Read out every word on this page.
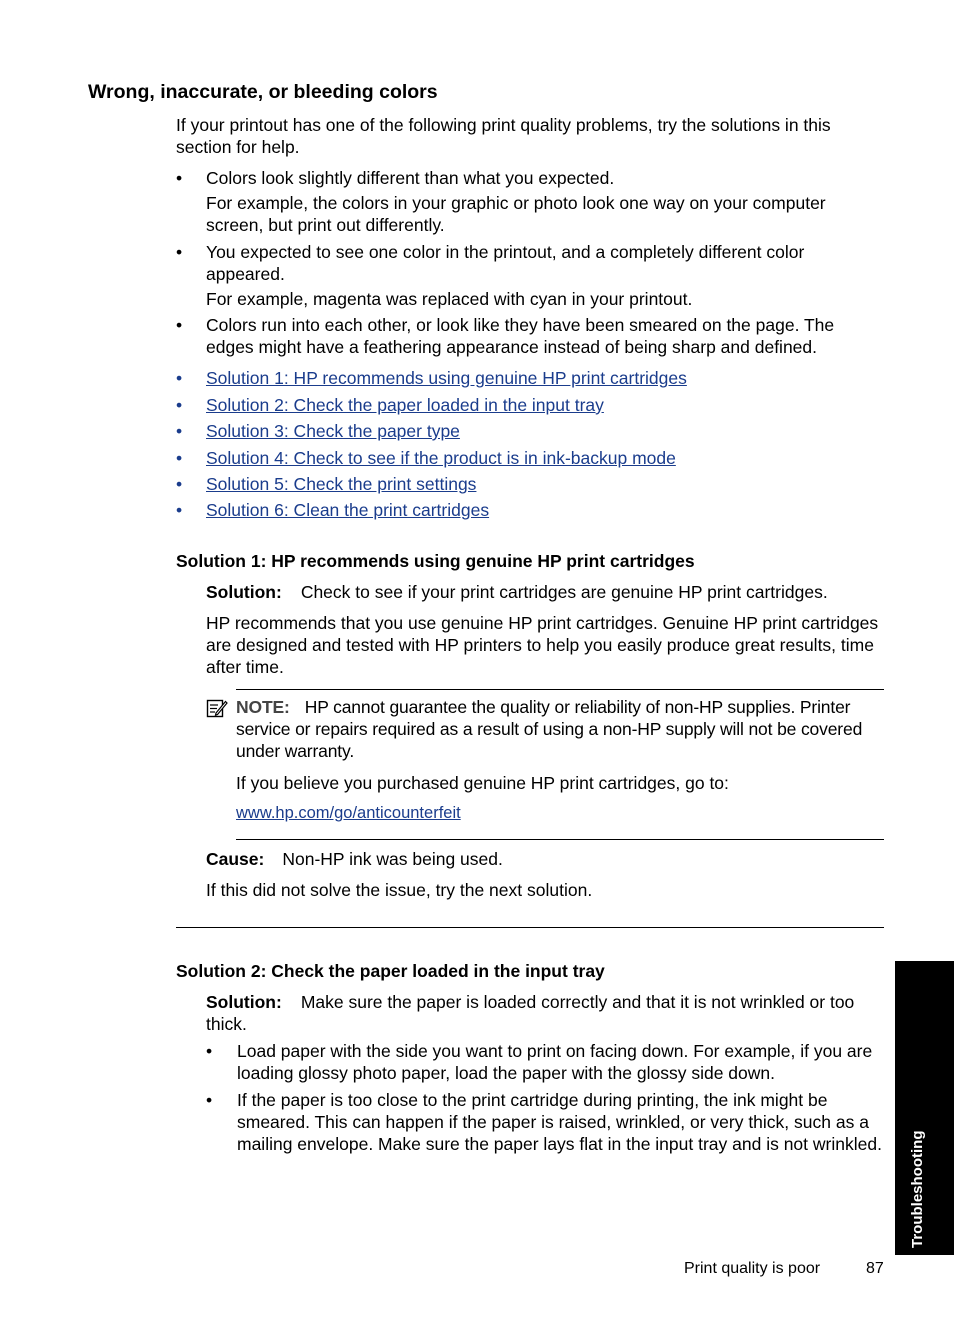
Wrong, inaccurate, or bleeding colors
If your printout has one of the following print quality problems, try the solutions in this section for help.
• Colors look slightly different than what you expected.
For example, the colors in your graphic or photo look one way on your computer screen, but print out differently.
• You expected to see one color in the printout, and a completely different color appeared.
For example, magenta was replaced with cyan in your printout.
• Colors run into each other, or look like they have been smeared on the page. The edges might have a feathering appearance instead of being sharp and defined.
• Solution 1: HP recommends using genuine HP print cartridges
• Solution 2: Check the paper loaded in the input tray
• Solution 3: Check the paper type
• Solution 4: Check to see if the product is in ink-backup mode
• Solution 5: Check the print settings
• Solution 6: Clean the print cartridges
Solution 1: HP recommends using genuine HP print cartridges
Solution: Check to see if your print cartridges are genuine HP print cartridges.
HP recommends that you use genuine HP print cartridges. Genuine HP print cartridges are designed and tested with HP printers to help you easily produce great results, time after time.
NOTE: HP cannot guarantee the quality or reliability of non-HP supplies. Printer service or repairs required as a result of using a non-HP supply will not be covered under warranty.
If you believe you purchased genuine HP print cartridges, go to:
www.hp.com/go/anticounterfeit
Cause: Non-HP ink was being used.
If this did not solve the issue, try the next solution.
Solution 2: Check the paper loaded in the input tray
Solution: Make sure the paper is loaded correctly and that it is not wrinkled or too thick.
• Load paper with the side you want to print on facing down. For example, if you are loading glossy photo paper, load the paper with the glossy side down.
• If the paper is too close to the print cartridge during printing, the ink might be smeared. This can happen if the paper is raised, wrinkled, or very thick, such as a mailing envelope. Make sure the paper lays flat in the input tray and is not wrinkled. Troubleshooting
Print quality is poor	87
